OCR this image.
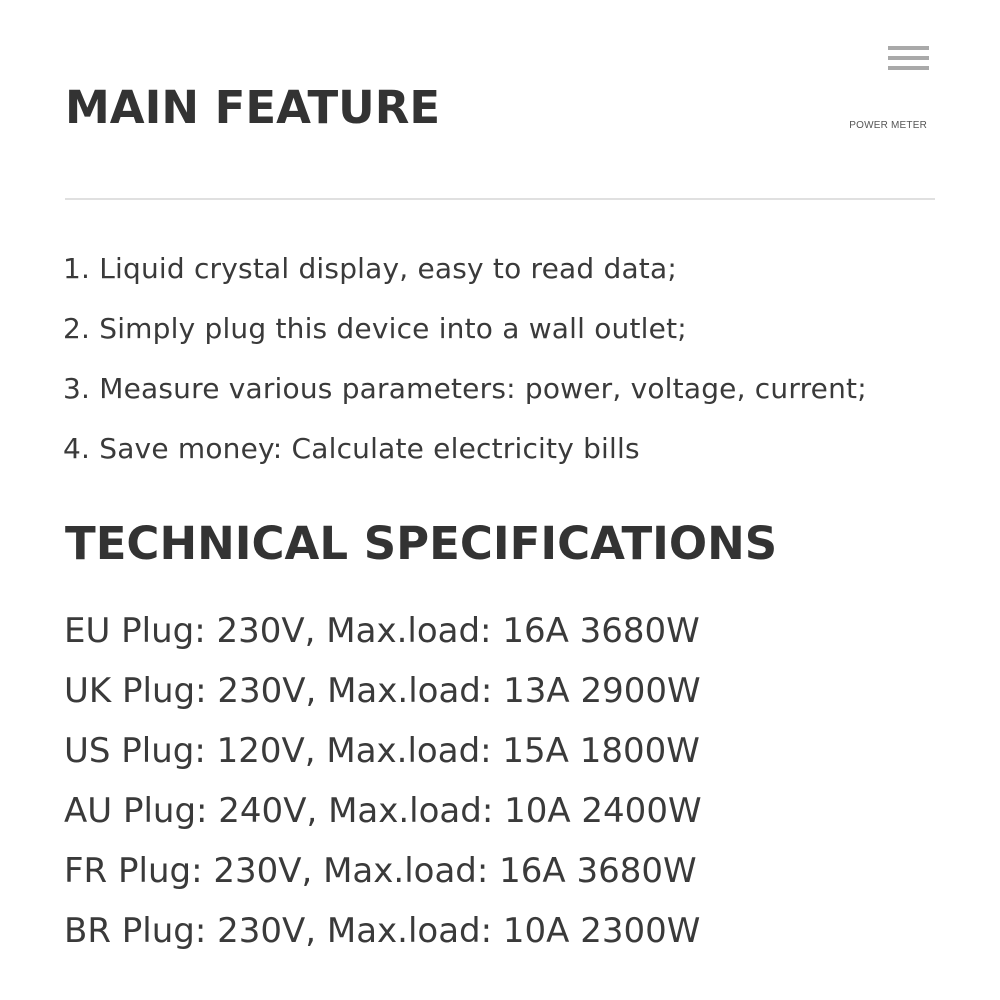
POWER METER
MAIN FEATURE
1. Liquid crystal display, easy to read data;
2. Simply plug this device into a wall outlet;
3. Measure various parameters: power, voltage, current;
4. Save money: Calculate electricity bills
TECHNICAL SPECIFICATIONS
EU Plug: 230V, Max.load: 16A 3680W
UK Plug: 230V, Max.load: 13A 2900W
US Plug: 120V, Max.load: 15A 1800W
AU Plug: 240V, Max.load: 10A 2400W
FR Plug: 230V, Max.load: 16A 3680W
BR Plug: 230V, Max.load: 10A 2300W
